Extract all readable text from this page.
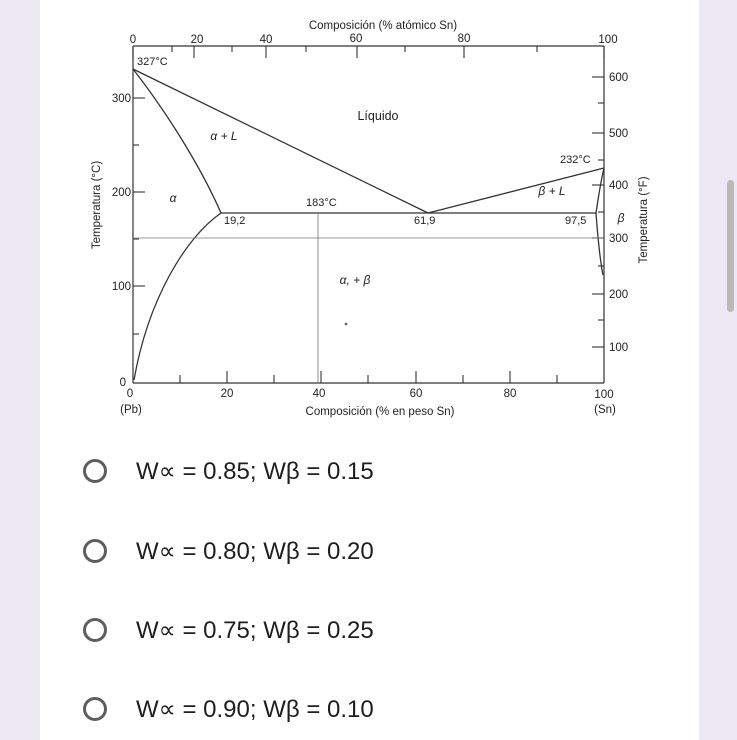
Composición (% atómico Sn)
Composición (% en peso Sn)
Temperatura (°C)	Temperatura (°F)
0	20	40	60	80	100
0	20	40	60	80	100
(Pb)	(Sn)
0
100
200
300
100
200
300
400
500
600
327°C
232°C
183°C
19,2	61,9	97,5
Líquido
α + L
α	β + L
β
α, + β
W∝ = 0.85; Wβ = 0.15
W∝ = 0.80; Wβ = 0.20
W∝ = 0.75; Wβ = 0.25
W∝ = 0.90; Wβ = 0.10
